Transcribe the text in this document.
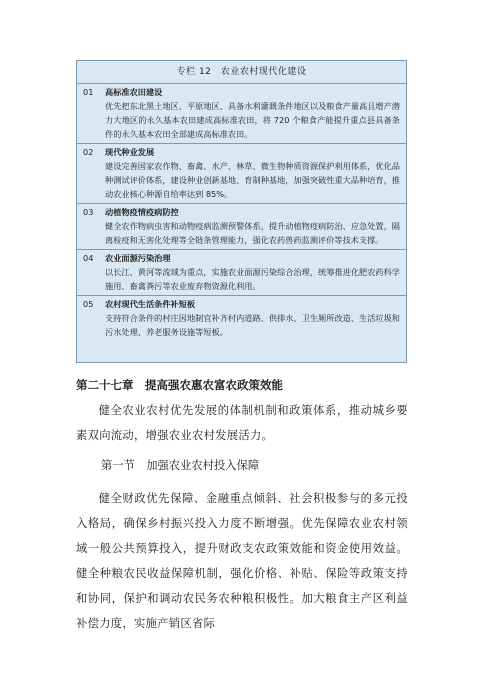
专栏 12　农业农村现代化建设
01	高标准农田建设
优先把东北黑土地区、平原地区、具备水利灌溉条件地区以及粮食产量高且增产潜力大地区的永久基本农田建成高标准农田，将 720 个粮食产能提升重点县具备条件的永久基本农田全部建成高标准农田。
02	现代种业发展
建设完善国家农作物、畜禽、水产、林草、微生物种质资源保护利用体系，优化品种测试评价体系，建设种业创新基地、育制种基地，加强突破性重大品种培育，推动农业核心种源自给率达到 85%。
03	动植物疫情疫病防控
健全农作物病虫害和动物疫病监测预警体系，提升动植物疫病防治、应急处置，隔离检疫和无害化处理等全链条管理能力，强化农药兽药监测评价等技术支撑。
04	农业面源污染治理
以长江、黄河等流域为重点，实施农业面源污染综合治理，统筹推进化肥农药科学施用、畜禽粪污等农业废弃物资源化利用。
05	农村现代生活条件补短板
支持符合条件的村庄因地制宜补齐村内道路、供排水、卫生厕所改造、生活垃圾和污水处理、养老服务设施等短板。
第二十七章　提高强农惠农富农政策效能
健全农业农村优先发展的体制机制和政策体系，推动城乡要素双向流动，增强农业农村发展活力。
第一节　加强农业农村投入保障
健全财政优先保障、金融重点倾斜、社会积极参与的多元投入格局，确保乡村振兴投入力度不断增强。优先保障农业农村领域一般公共预算投入，提升财政支农政策效能和资金使用效益。健全种粮农民收益保障机制，强化价格、补贴、保险等政策支持和协同，保护和调动农民务农种粮积极性。加大粮食主产区利益补偿力度，实施产销区省际
